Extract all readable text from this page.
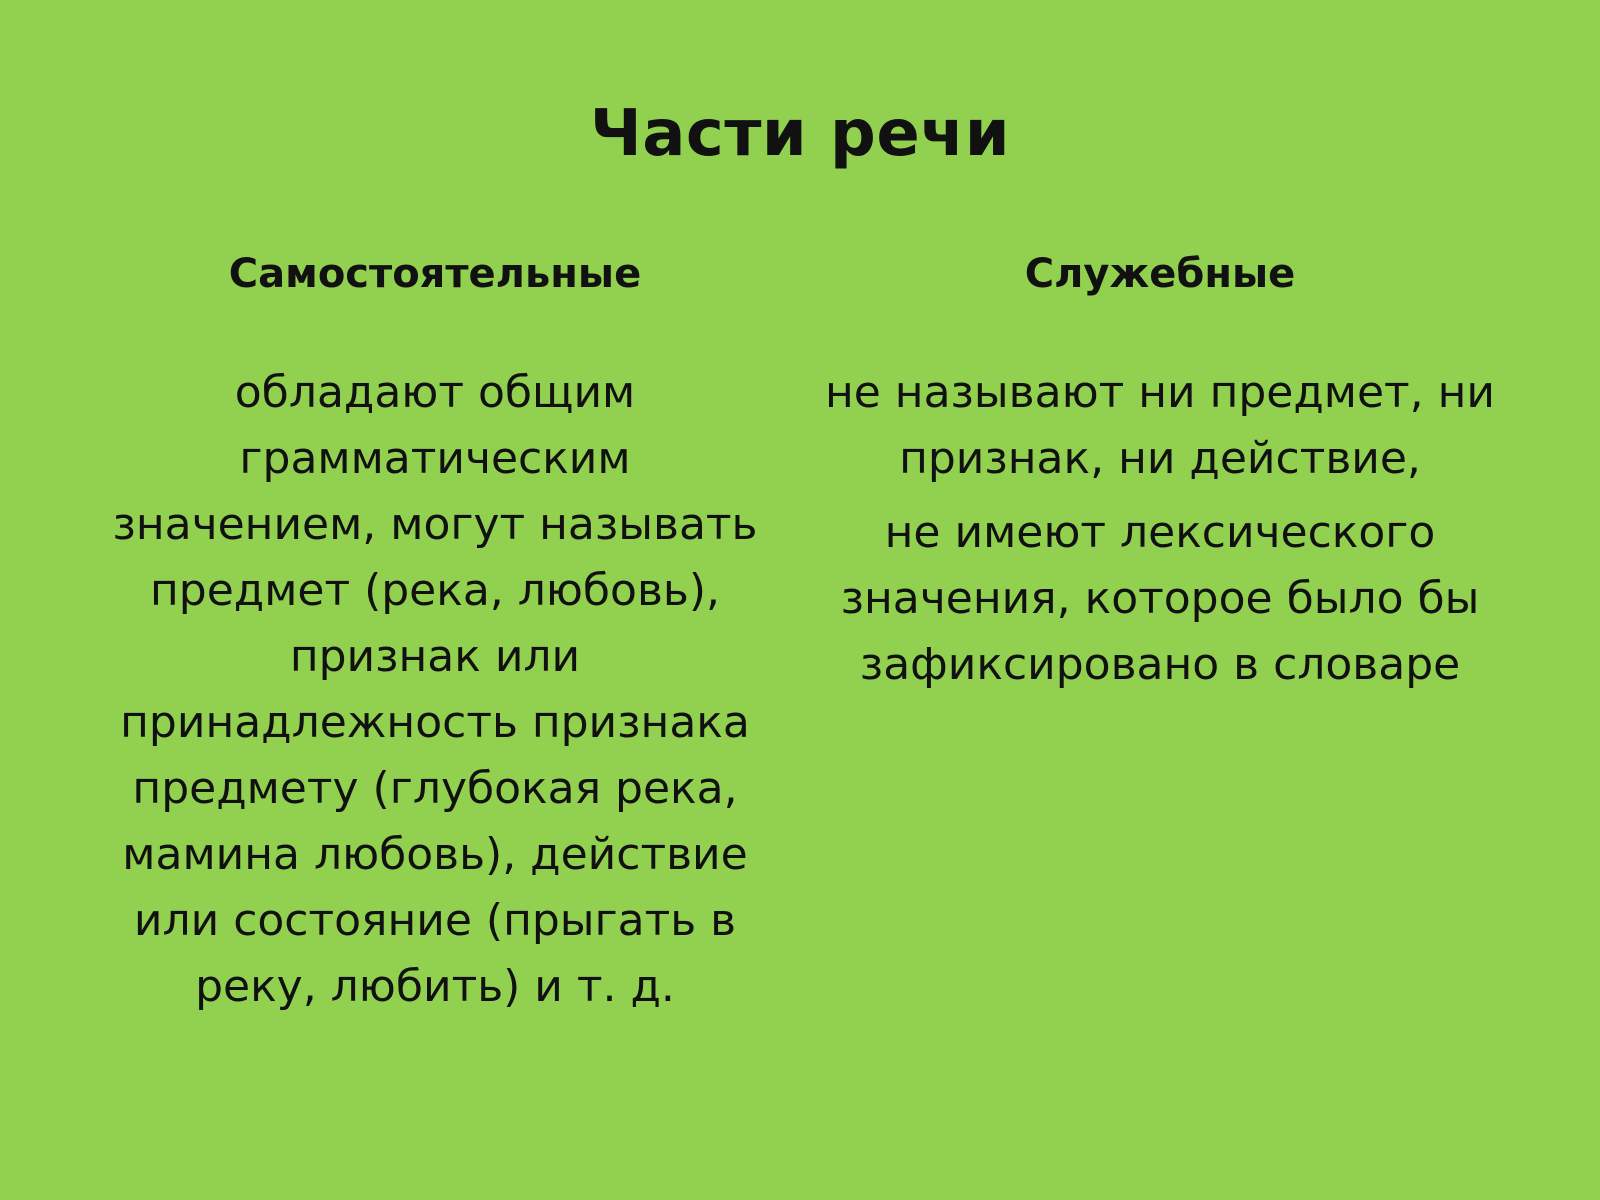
Части речи
Самостоятельные	Служебные
обладают общим
грамматическим
значением, могут называть
предмет (река, любовь),
признак или
принадлежность признака
предмету (глубокая река,
мамина любовь), действие
или состояние (прыгать в
реку, любить) и т. д.
не называют ни предмет, ни
признак, ни действие,
не имеют лексического
значения, которое было бы
зафиксировано в словаре
